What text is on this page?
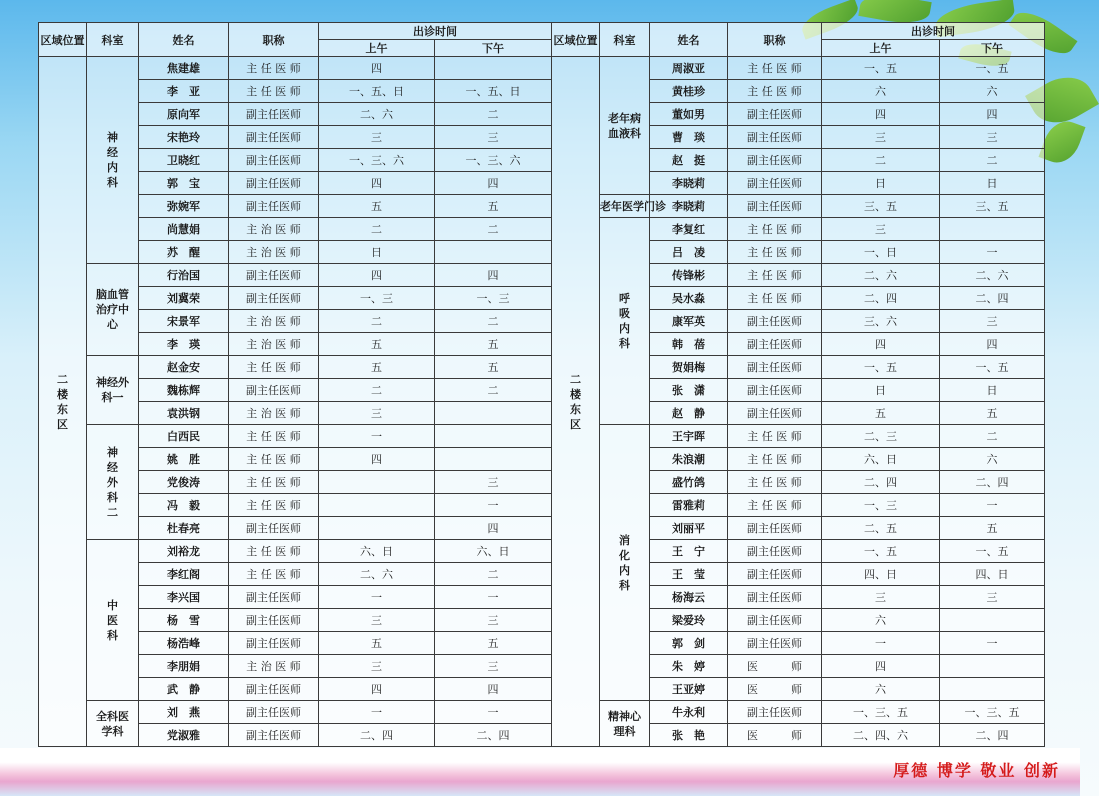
厚德 博学 敬业 创新
区域位置	科室	姓名	职称	出诊时间		区域位置	科室	姓名	职称	出诊时间	
				上午	下午					上午	下午
二楼东区	神经内科	焦建雄	主 任 医 师	四		二楼东区	老年病血液科	周淑亚	主 任 医 师	一、五	一、五
		李　亚	主 任 医 师	一、五、日	一、五、日			黄桂珍	主 任 医 师	六	六
		原向军	副主任医师	二、六	二			董如男	副主任医师	四	四
		宋艳玲	副主任医师	三	三			曹　琰	副主任医师	三	三
		卫晓红	副主任医师	一、三、六	一、三、六			赵　挺	副主任医师	二	二
		郭　宝	副主任医师	四	四			李晓莉	副主任医师	日	日
		弥婉军	副主任医师	五	五		老年医学门诊	李晓莉	副主任医师	三、五	三、五
		尚慧娟	主 治 医 师	二	二		呼吸内科	李复红	主 任 医 师	三	
		苏　醒	主 治 医 师	日				吕　凌	主 任 医 师	一、日	一
	脑血管治疗中心	行治国	副主任医师	四	四			传锋彬	主 任 医 师	二、六	二、六
		刘冀荣	副主任医师	一、三	一、三			吴水淼	主 任 医 师	二、四	二、四
		宋景军	主 治 医 师	二	二			康军英	副主任医师	三、六	三
		李　瑛	主 治 医 师	五	五			韩　蓓	副主任医师	四	四
	神经外科一	赵金安	主 任 医 师	五	五			贺娟梅	副主任医师	一、五	一、五
		魏栋辉	副主任医师	二	二			张　潇	副主任医师	日	日
		袁洪钢	主 治 医 师	三				赵　静	副主任医师	五	五
	神经外科二	白西民	主 任 医 师	一			消化内科	王宇晖	主 任 医 师	二、三	二
		姚　胜	主 任 医 师	四				朱浪潮	主 任 医 师	六、日	六
		党俊涛	主 任 医 师		三			盛竹鸽	主 任 医 师	二、四	二、四
		冯　毅	主 任 医 师		一			雷雅莉	主 任 医 师	一、三	一
		杜春亮	副主任医师		四			刘丽平	副主任医师	二、五	五
	中医科	刘裕龙	主 任 医 师	六、日	六、日			王　宁	副主任医师	一、五	一、五
		李红阁	主 任 医 师	二、六	二			王　莹	副主任医师	四、日	四、日
		李兴国	副主任医师	一	一			杨海云	副主任医师	三	三
		杨　雪	副主任医师	三	三			梁爱玲	副主任医师	六	
		杨浩峰	副主任医师	五	五			郭　剑	副主任医师	一	一
		李朋娟	主 治 医 师	三	三			朱　婷	医　　　师	四	
		武　静	副主任医师	四	四			王亚婷	医　　　师	六	
	全科医学科	刘　燕	副主任医师	一	一		精神心理科	牛永利	副主任医师	一、三、五	一、三、五
		党淑雅	副主任医师	二、四	二、四			张　艳	医　　　师	二、四、六	二、四
